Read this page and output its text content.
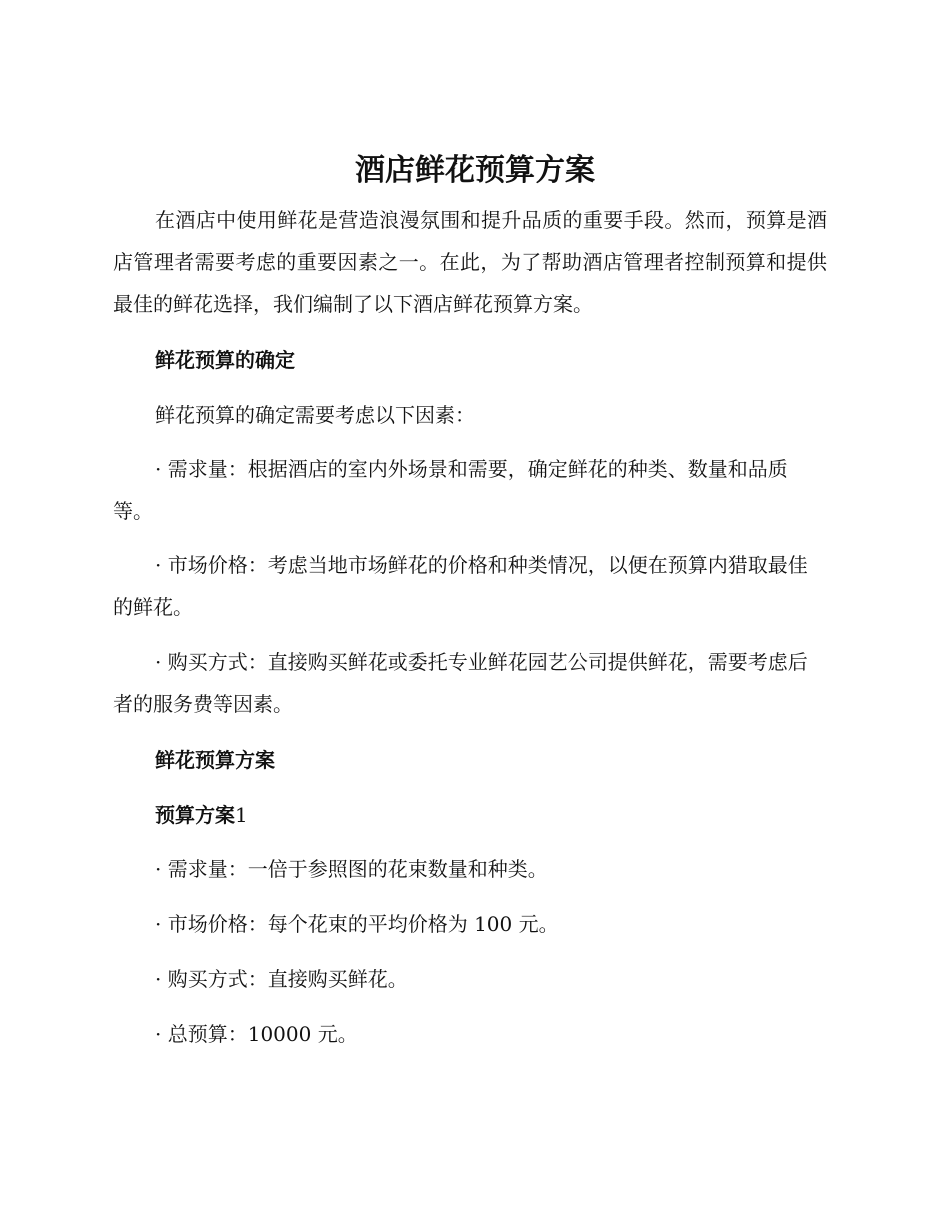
酒店鲜花预算方案

在酒店中使用鲜花是营造浪漫氛围和提升品质的重要手段。然而，预算是酒店管理者需要考虑的重要因素之一。在此，为了帮助酒店管理者控制预算和提供最佳的鲜花选择，我们编制了以下酒店鲜花预算方案。

鲜花预算的确定

鲜花预算的确定需要考虑以下因素：

· 需求量：根据酒店的室内外场景和需要，确定鲜花的种类、数量和品质等。

· 市场价格：考虑当地市场鲜花的价格和种类情况，以便在预算内猎取最佳的鲜花。

· 购买方式：直接购买鲜花或委托专业鲜花园艺公司提供鲜花，需要考虑后者的服务费等因素。

鲜花预算方案

预算方案1

· 需求量：一倍于参照图的花束数量和种类。

· 市场价格：每个花束的平均价格为 100 元。

· 购买方式：直接购买鲜花。

· 总预算：10000 元。
